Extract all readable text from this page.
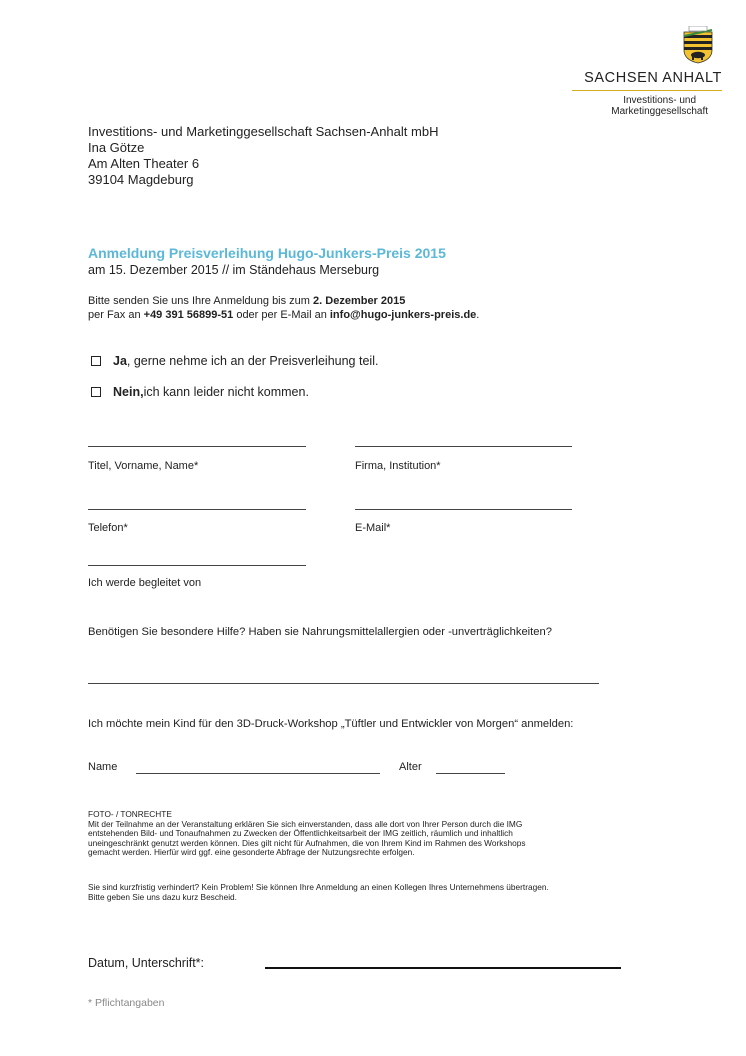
SACHSEN ANHALT
Investitions- und
Marketinggesellschaft
Investitions- und Marketinggesellschaft Sachsen-Anhalt mbH
Ina Götze
Am Alten Theater 6
39104 Magdeburg
Anmeldung Preisverleihung Hugo-Junkers-Preis 2015
am 15. Dezember 2015 // im Ständehaus Merseburg
Bitte senden Sie uns Ihre Anmeldung bis zum 2. Dezember 2015
per Fax an +49 391 56899-51 oder per E-Mail an info@hugo-junkers-preis.de.
Ja , gerne nehme ich an der Preisverleihung teil.
Nein, ich kann leider nicht kommen.
Titel, Vorname, Name*	Firma, Institution*
Telefon*	E-Mail*
Ich werde begleitet von
Benötigen Sie besondere Hilfe? Haben sie Nahrungsmittelallergien oder -unverträglichkeiten?
Ich möchte mein Kind für den 3D-Druck-Workshop „Tüftler und Entwickler von Morgen“ anmelden:
Name	Alter
FOTO- / TONRECHTE
Mit der Teilnahme an der Veranstaltung erklären Sie sich einverstanden, dass alle dort von Ihrer Person durch die IMG
entstehenden Bild- und Tonaufnahmen zu Zwecken der Öffentlichkeitsarbeit der IMG zeitlich, räumlich und inhaltlich
uneingeschränkt genutzt werden können. Dies gilt nicht für Aufnahmen, die von Ihrem Kind im Rahmen des Workshops
gemacht werden. Hierfür wird ggf. eine gesonderte Abfrage der Nutzungsrechte erfolgen.
Sie sind kurzfristig verhindert? Kein Problem! Sie können Ihre Anmeldung an einen Kollegen Ihres Unternehmens übertragen.
Bitte geben Sie uns dazu kurz Bescheid.
Datum, Unterschrift*:
* Pflichtangaben
